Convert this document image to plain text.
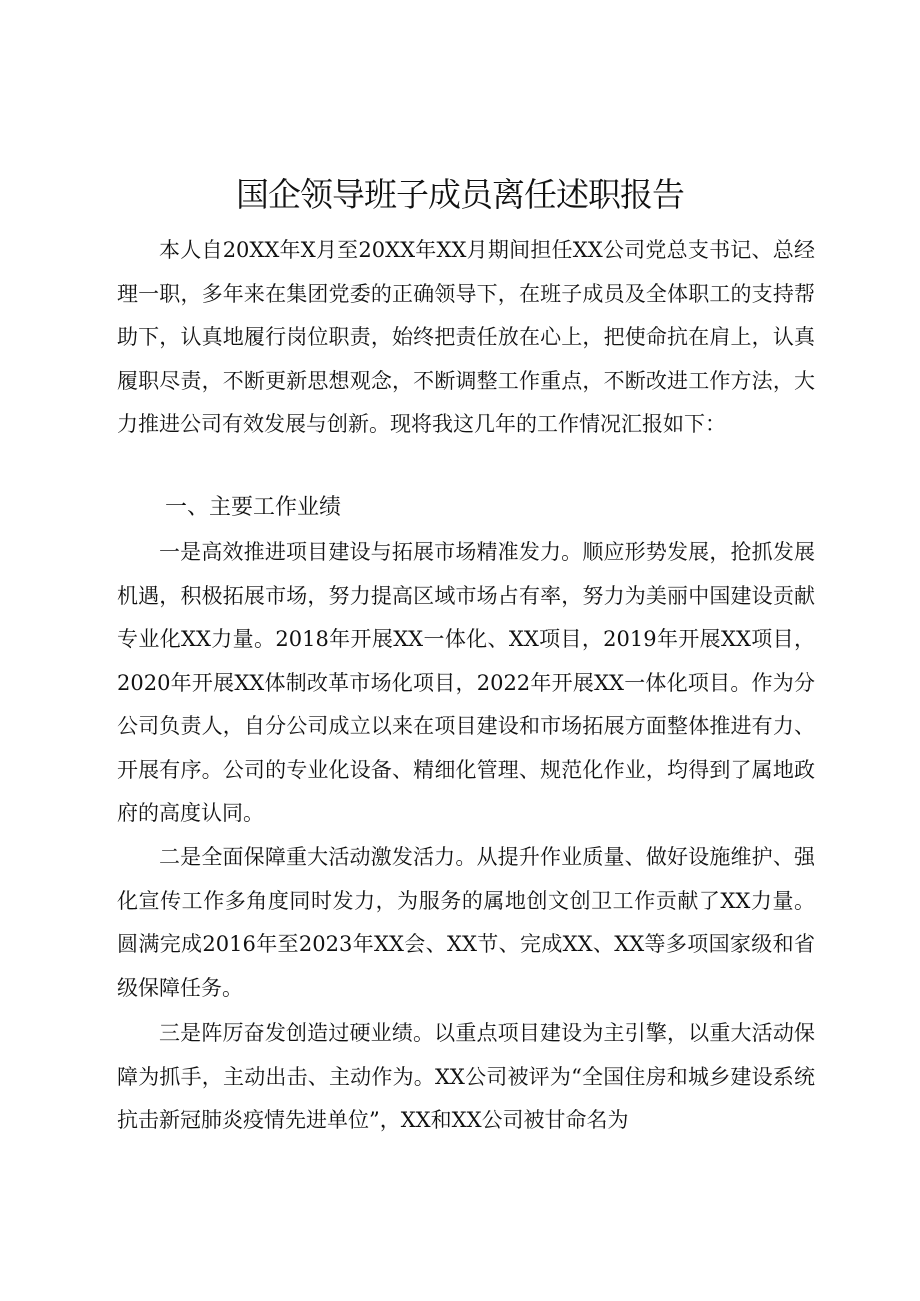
国企领导班子成员离任述职报告

本人自20XX年X月至20XX年XX月期间担任XX公司党总支书记、总经理一职，多年来在集团党委的正确领导下，在班子成员及全体职工的支持帮助下，认真地履行岗位职责，始终把责任放在心上，把使命抗在肩上，认真履职尽责，不断更新思想观念，不断调整工作重点，不断改进工作方法，大力推进公司有效发展与创新。现将我这几年的工作情况汇报如下：

一、主要工作业绩

一是高效推进项目建设与拓展市场精准发力。顺应形势发展，抢抓发展机遇，积极拓展市场，努力提高区域市场占有率，努力为美丽中国建设贡献专业化XX力量。2018年开展XX一体化、XX项目，2019年开展XX项目，2020年开展XX体制改革市场化项目，2022年开展XX一体化项目。作为分公司负责人，自分公司成立以来在项目建设和市场拓展方面整体推进有力、开展有序。公司的专业化设备、精细化管理、规范化作业，均得到了属地政府的高度认同。

二是全面保障重大活动激发活力。从提升作业质量、做好设施维护、强化宣传工作多角度同时发力，为服务的属地创文创卫工作贡献了XX力量。圆满完成2016年至2023年XX会、XX节、完成XX、XX等多项国家级和省级保障任务。

三是阵厉奋发创造过硬业绩。以重点项目建设为主引擎，以重大活动保障为抓手，主动出击、主动作为。XX公司被评为“全国住房和城乡建设系统抗击新冠肺炎疫情先进单位”，XX和XX公司被甘命名为
